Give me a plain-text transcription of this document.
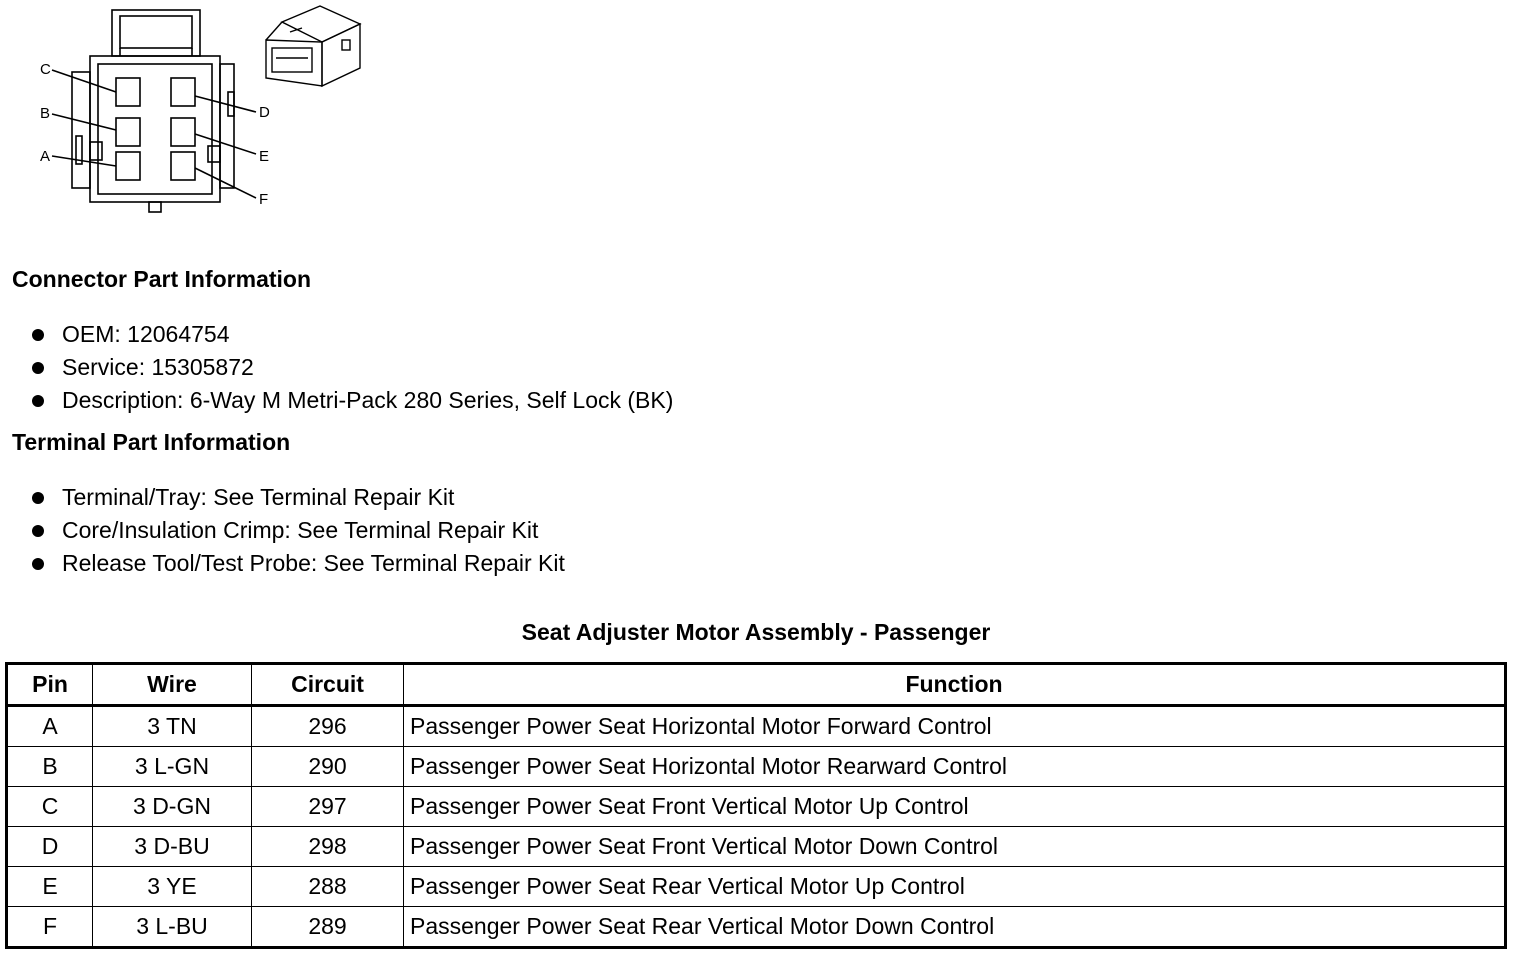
C
B
A
D
E
F
Connector Part Information
OEM: 12064754
Service: 15305872
Description: 6-Way M Metri-Pack 280 Series, Self Lock (BK)
Terminal Part Information
Terminal/Tray: See Terminal Repair Kit
Core/Insulation Crimp: See Terminal Repair Kit
Release Tool/Test Probe: See Terminal Repair Kit
Seat Adjuster Motor Assembly - Passenger
Pin	Wire	Circuit	Function
A	3 TN	296	Passenger Power Seat Horizontal Motor Forward Control
B	3 L-GN	290	Passenger Power Seat Horizontal Motor Rearward Control
C	3 D-GN	297	Passenger Power Seat Front Vertical Motor Up Control
D	3 D-BU	298	Passenger Power Seat Front Vertical Motor Down Control
E	3 YE	288	Passenger Power Seat Rear Vertical Motor Up Control
F	3 L-BU	289	Passenger Power Seat Rear Vertical Motor Down Control
